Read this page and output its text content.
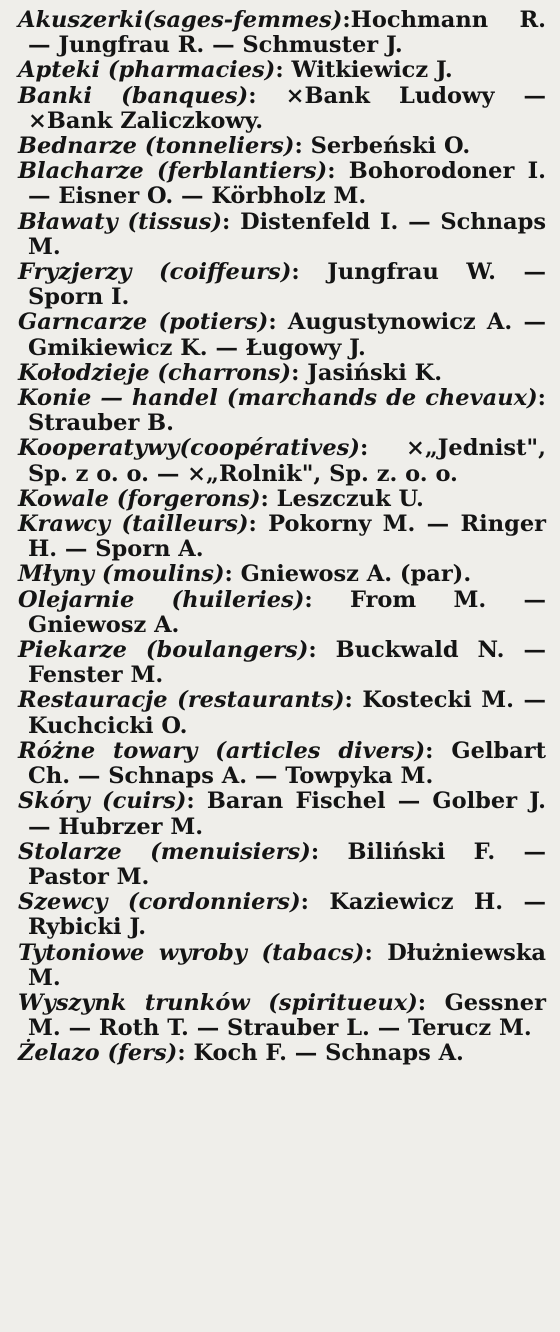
Akuszerki(sages-femmes):Hochmann R. — Jungfrau R. — Schmuster J.

Apteki (pharmacies): Witkiewicz J.

Banki (banques): ×Bank Ludowy — ×Bank Zaliczkowy.

Bednarze (tonneliers): Serbeński O.

Blacharze (ferblantiers): Bohorodoner I. — Eisner O. — Körbholz M.

Bławaty (tissus): Distenfeld I. — Schnaps M.

Fryzjerzy (coiffeurs): Jungfrau W. — Sporn I.

Garncarze (potiers): Augustynowicz A. — Gmikiewicz K. — Ługowy J.

Kołodzieje (charrons): Jasiński K.

Konie — handel (marchands de chevaux): Strauber B.

Kooperatywy(coopératives): ×„Jednist", Sp. z o. o. — ×„Rolnik", Sp. z. o. o.

Kowale (forgerons): Leszczuk U.

Krawcy (tailleurs): Pokorny M. — Ringer H. — Sporn A.

Młyny (moulins): Gniewosz A. (par).

Olejarnie (huileries): From M. — Gniewosz A.

Piekarze (boulangers): Buckwald N. — Fenster M.

Restauracje (restaurants): Kostecki M. — Kuchcicki O.

Różne towary (articles divers): Gelbart Ch. — Schnaps A. — Towpyka M.

Skóry (cuirs): Baran Fischel — Golber J. — Hubrzer M.

Stolarze (menuisiers): Biliński F. — Pastor M.

Szewcy (cordonniers): Kaziewicz H. — Rybicki J.

Tytoniowe wyroby (tabacs): Dłużniewska M.

Wyszynk trunków (spiritueux): Gessner M. — Roth T. — Strauber L. — Terucz M.

Żelazo (fers): Koch F. — Schnaps A.
